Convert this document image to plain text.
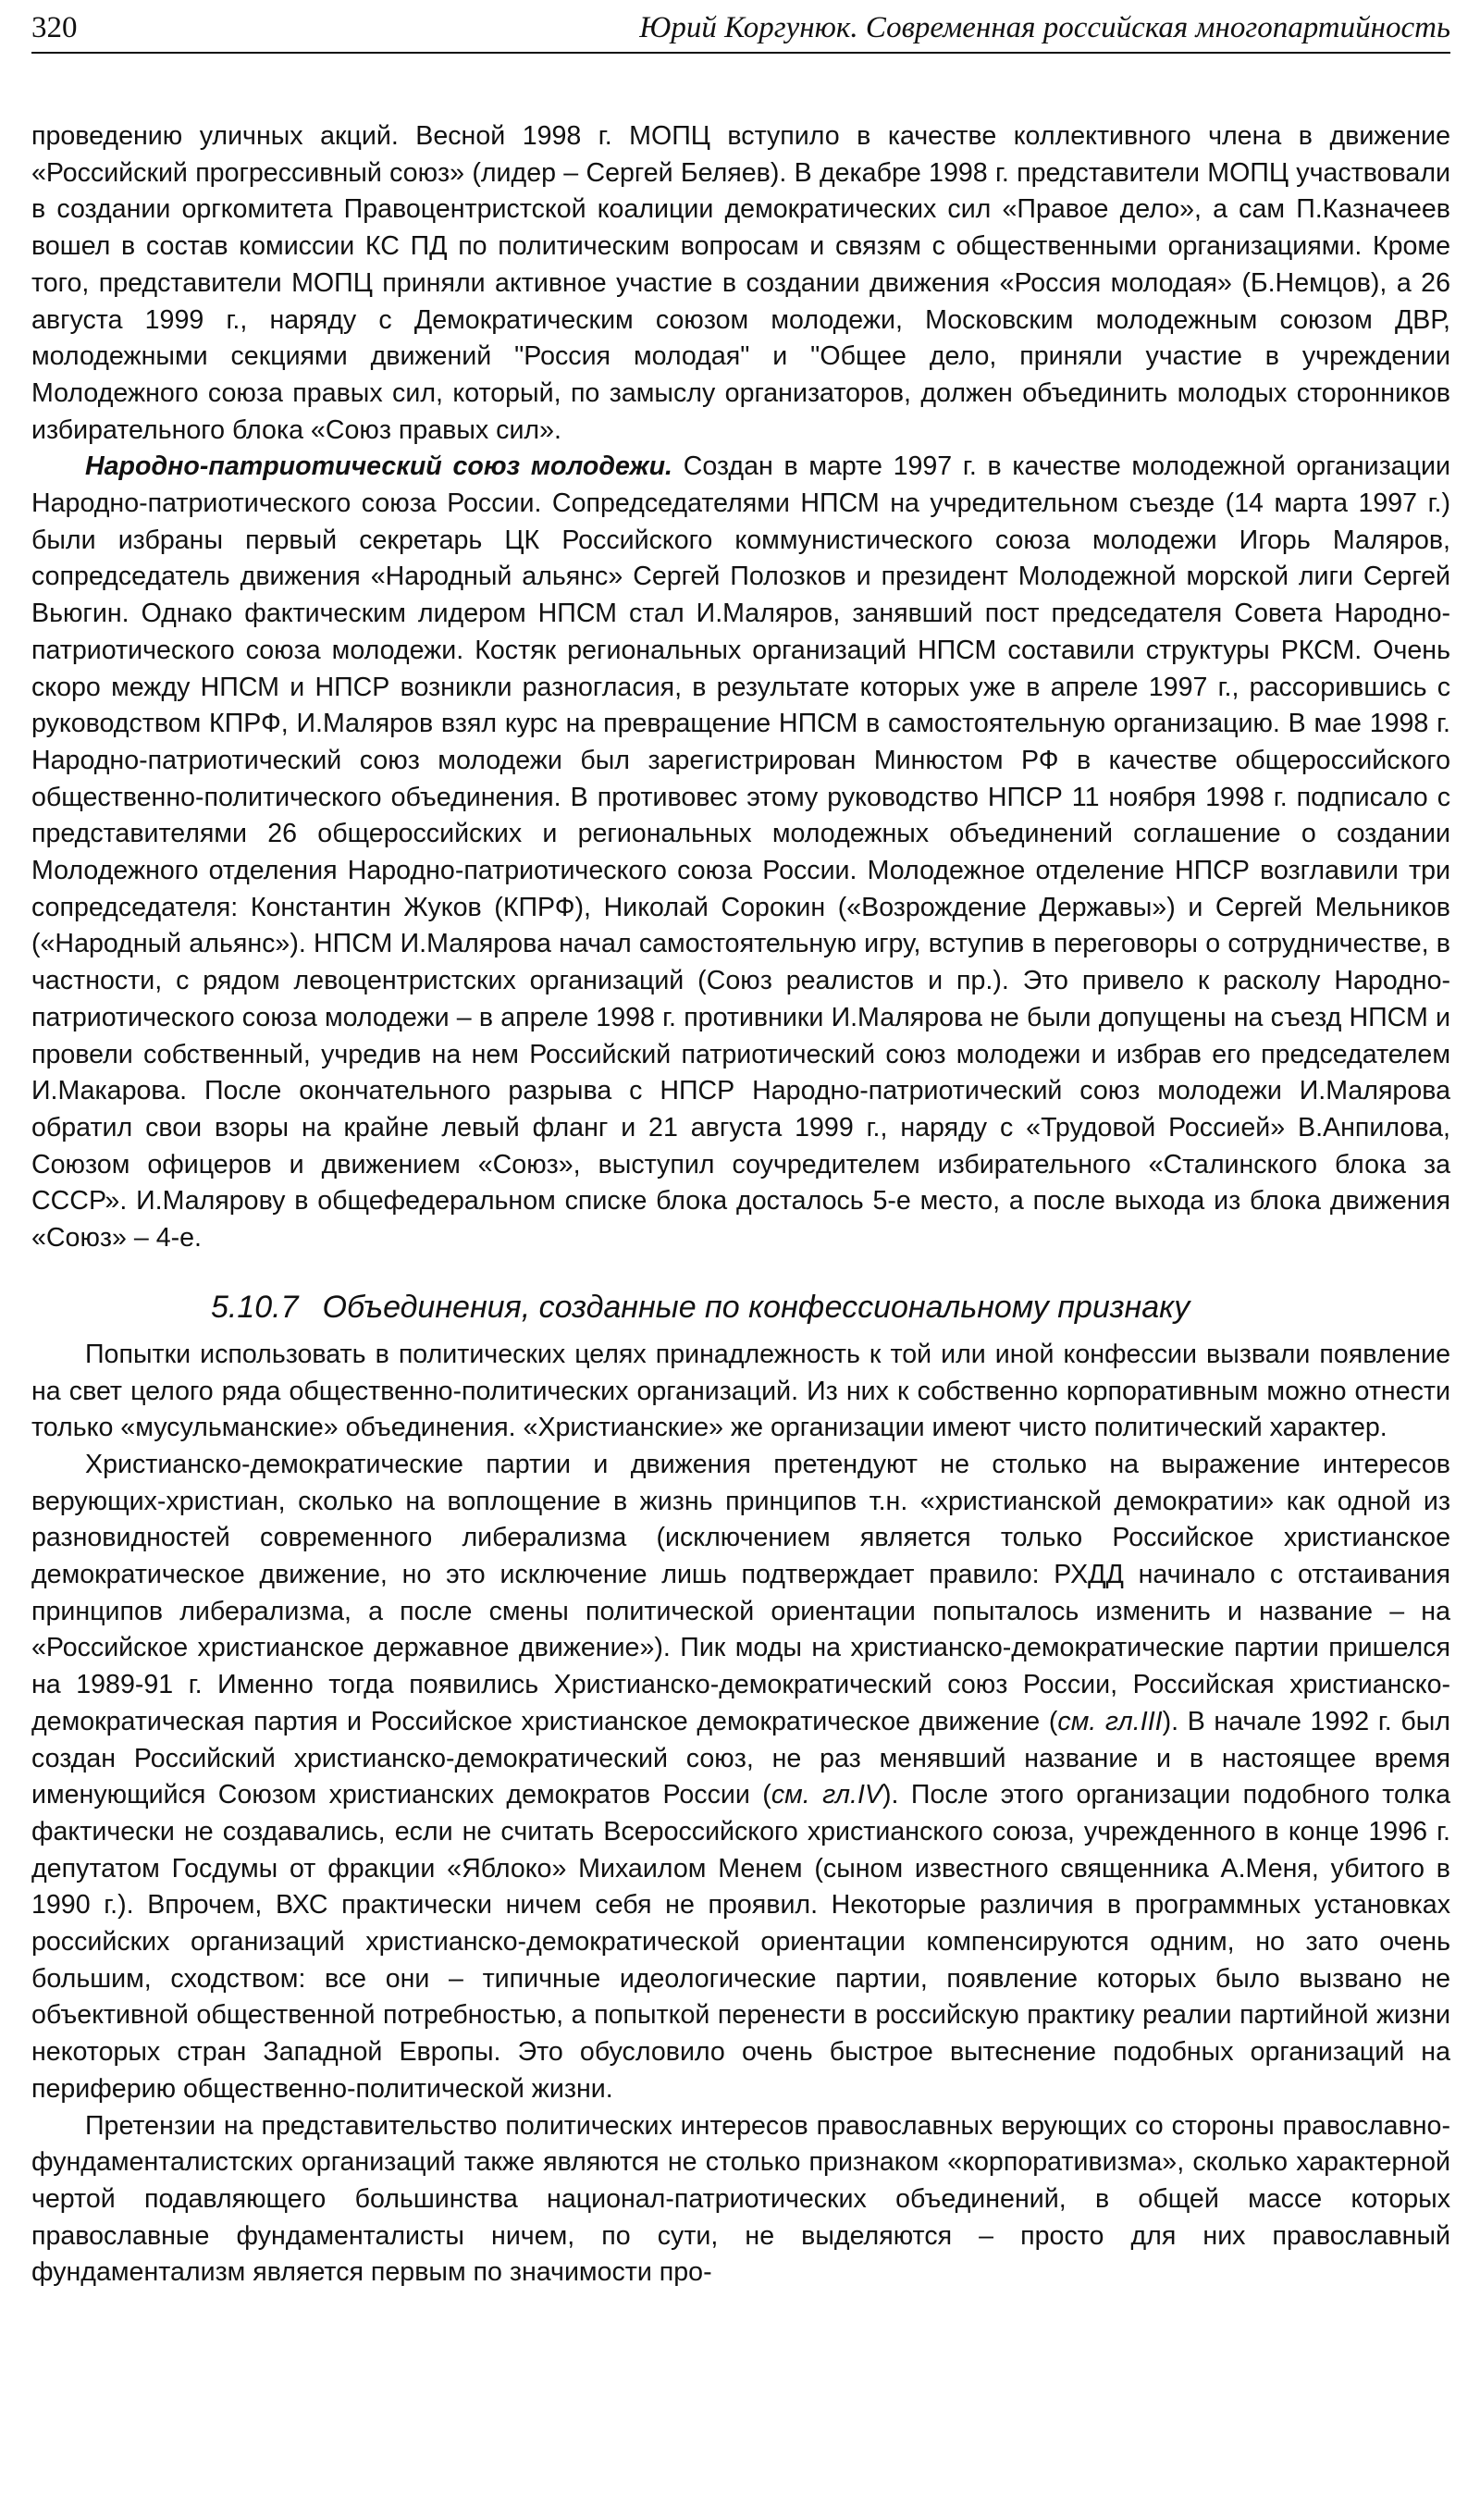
320	Юрий Коргунюк. Современная российская многопартийность

проведению уличных акций. Весной 1998 г. МОПЦ вступило в качестве коллективного члена в движение «Российский прогрессивный союз» (лидер – Сергей Беляев). В декабре 1998 г. представители МОПЦ участвовали в создании оргкомитета Правоцентристской коалиции демократических сил «Правое дело», а сам П.Казначеев вошел в состав комиссии КС ПД по политическим вопросам и связям с общественными организациями. Кроме того, представители МОПЦ приняли активное участие в создании движения «Россия молодая» (Б.Немцов), а 26 августа 1999 г., наряду с Демократическим союзом молодежи, Московским молодежным союзом ДВР, молодежными секциями движений "Россия молодая" и "Общее дело, приняли участие в учреждении Молодежного союза правых сил, который, по замыслу организаторов, должен объединить молодых сторонников избирательного блока «Союз правых сил».

Народно-патриотический союз молодежи. Создан в марте 1997 г. в качестве молодежной организации Народно-патриотического союза России. Сопредседателями НПСМ на учредительном съезде (14 марта 1997 г.) были избраны первый секретарь ЦК Российского коммунистического союза молодежи Игорь Маляров, сопредседатель движения «Народный альянс» Сергей Полозков и президент Молодежной морской лиги Сергей Вьюгин. Однако фактическим лидером НПСМ стал И.Маляров, занявший пост председателя Совета Народно-патриотического союза молодежи. Костяк региональных организаций НПСМ составили структуры РКСМ. Очень скоро между НПСМ и НПСР возникли разногласия, в результате которых уже в апреле 1997 г., рассорившись с руководством КПРФ, И.Маляров взял курс на превращение НПСМ в самостоятельную организацию. В мае 1998 г. Народно-патриотический союз молодежи был зарегистрирован Минюстом РФ в качестве общероссийского общественно-политического объединения. В противовес этому руководство НПСР 11 ноября 1998 г. подписало с представителями 26 общероссийских и региональных молодежных объединений соглашение о создании Молодежного отделения Народно-патриотического союза России. Молодежное отделение НПСР возглавили три сопредседателя: Константин Жуков (КПРФ), Николай Сорокин («Возрождение Державы») и Сергей Мельников («Народный альянс»). НПСМ И.Малярова начал самостоятельную игру, вступив в переговоры о сотрудничестве, в частности, с рядом левоцентристских организаций (Союз реалистов и пр.). Это привело к расколу Народно-патриотического союза молодежи – в апреле 1998 г. противники И.Малярова не были допущены на съезд НПСМ и провели собственный, учредив на нем Российский патриотический союз молодежи и избрав его председателем И.Макарова. После окончательного разрыва с НПСР Народно-патриотический союз молодежи И.Малярова обратил свои взоры на крайне левый фланг и 21 августа 1999 г., наряду с «Трудовой Россией» В.Анпилова, Союзом офицеров и движением «Союз», выступил соучредителем избирательного «Сталинского блока за СССР». И.Малярову в общефедеральном списке блока досталось 5-е место, а после выхода из блока движения «Союз» – 4-е.

5.10.7 Объединения, созданные по конфессиональному признаку

Попытки использовать в политических целях принадлежность к той или иной конфессии вызвали появление на свет целого ряда общественно-политических организаций. Из них к собственно корпоративным можно отнести только «мусульманские» объединения. «Христианские» же организации имеют чисто политический характер.

Христианско-демократические партии и движения претендуют не столько на выражение интересов верующих-христиан, сколько на воплощение в жизнь принципов т.н. «христианской демократии» как одной из разновидностей современного либерализма (исключением является только Российское христианское демократическое движение, но это исключение лишь подтверждает правило: РХДД начинало с отстаивания принципов либерализма, а после смены политической ориентации попыталось изменить и название – на «Российское христианское державное движение»). Пик моды на христианско-демократические партии пришелся на 1989-91 г. Именно тогда появились Христианско-демократический союз России, Российская христианско-демократическая партия и Российское христианское демократическое движение (см. гл.III). В начале 1992 г. был создан Российский христианско-демократический союз, не раз менявший название и в настоящее время именующийся Союзом христианских демократов России (см. гл.IV). После этого организации подобного толка фактически не создавались, если не считать Всероссийского христианского союза, учрежденного в конце 1996 г. депутатом Госдумы от фракции «Яблоко» Михаилом Менем (сыном известного священника А.Меня, убитого в 1990 г.). Впрочем, ВХС практически ничем себя не проявил. Некоторые различия в программных установках российских организаций христианско-демократической ориентации компенсируются одним, но зато очень большим, сходством: все они – типичные идеологические партии, появление которых было вызвано не объективной общественной потребностью, а попыткой перенести в российскую практику реалии партийной жизни некоторых стран Западной Европы. Это обусловило очень быстрое вытеснение подобных организаций на периферию общественно-политической жизни.

Претензии на представительство политических интересов православных верующих со стороны православно-фундаменталистских организаций также являются не столько признаком «корпоративизма», сколько характерной чертой подавляющего большинства национал-патриотических объединений, в общей массе которых православные фундаменталисты ничем, по сути, не выделяются – просто для них православный фундаментализм является первым по значимости про-
